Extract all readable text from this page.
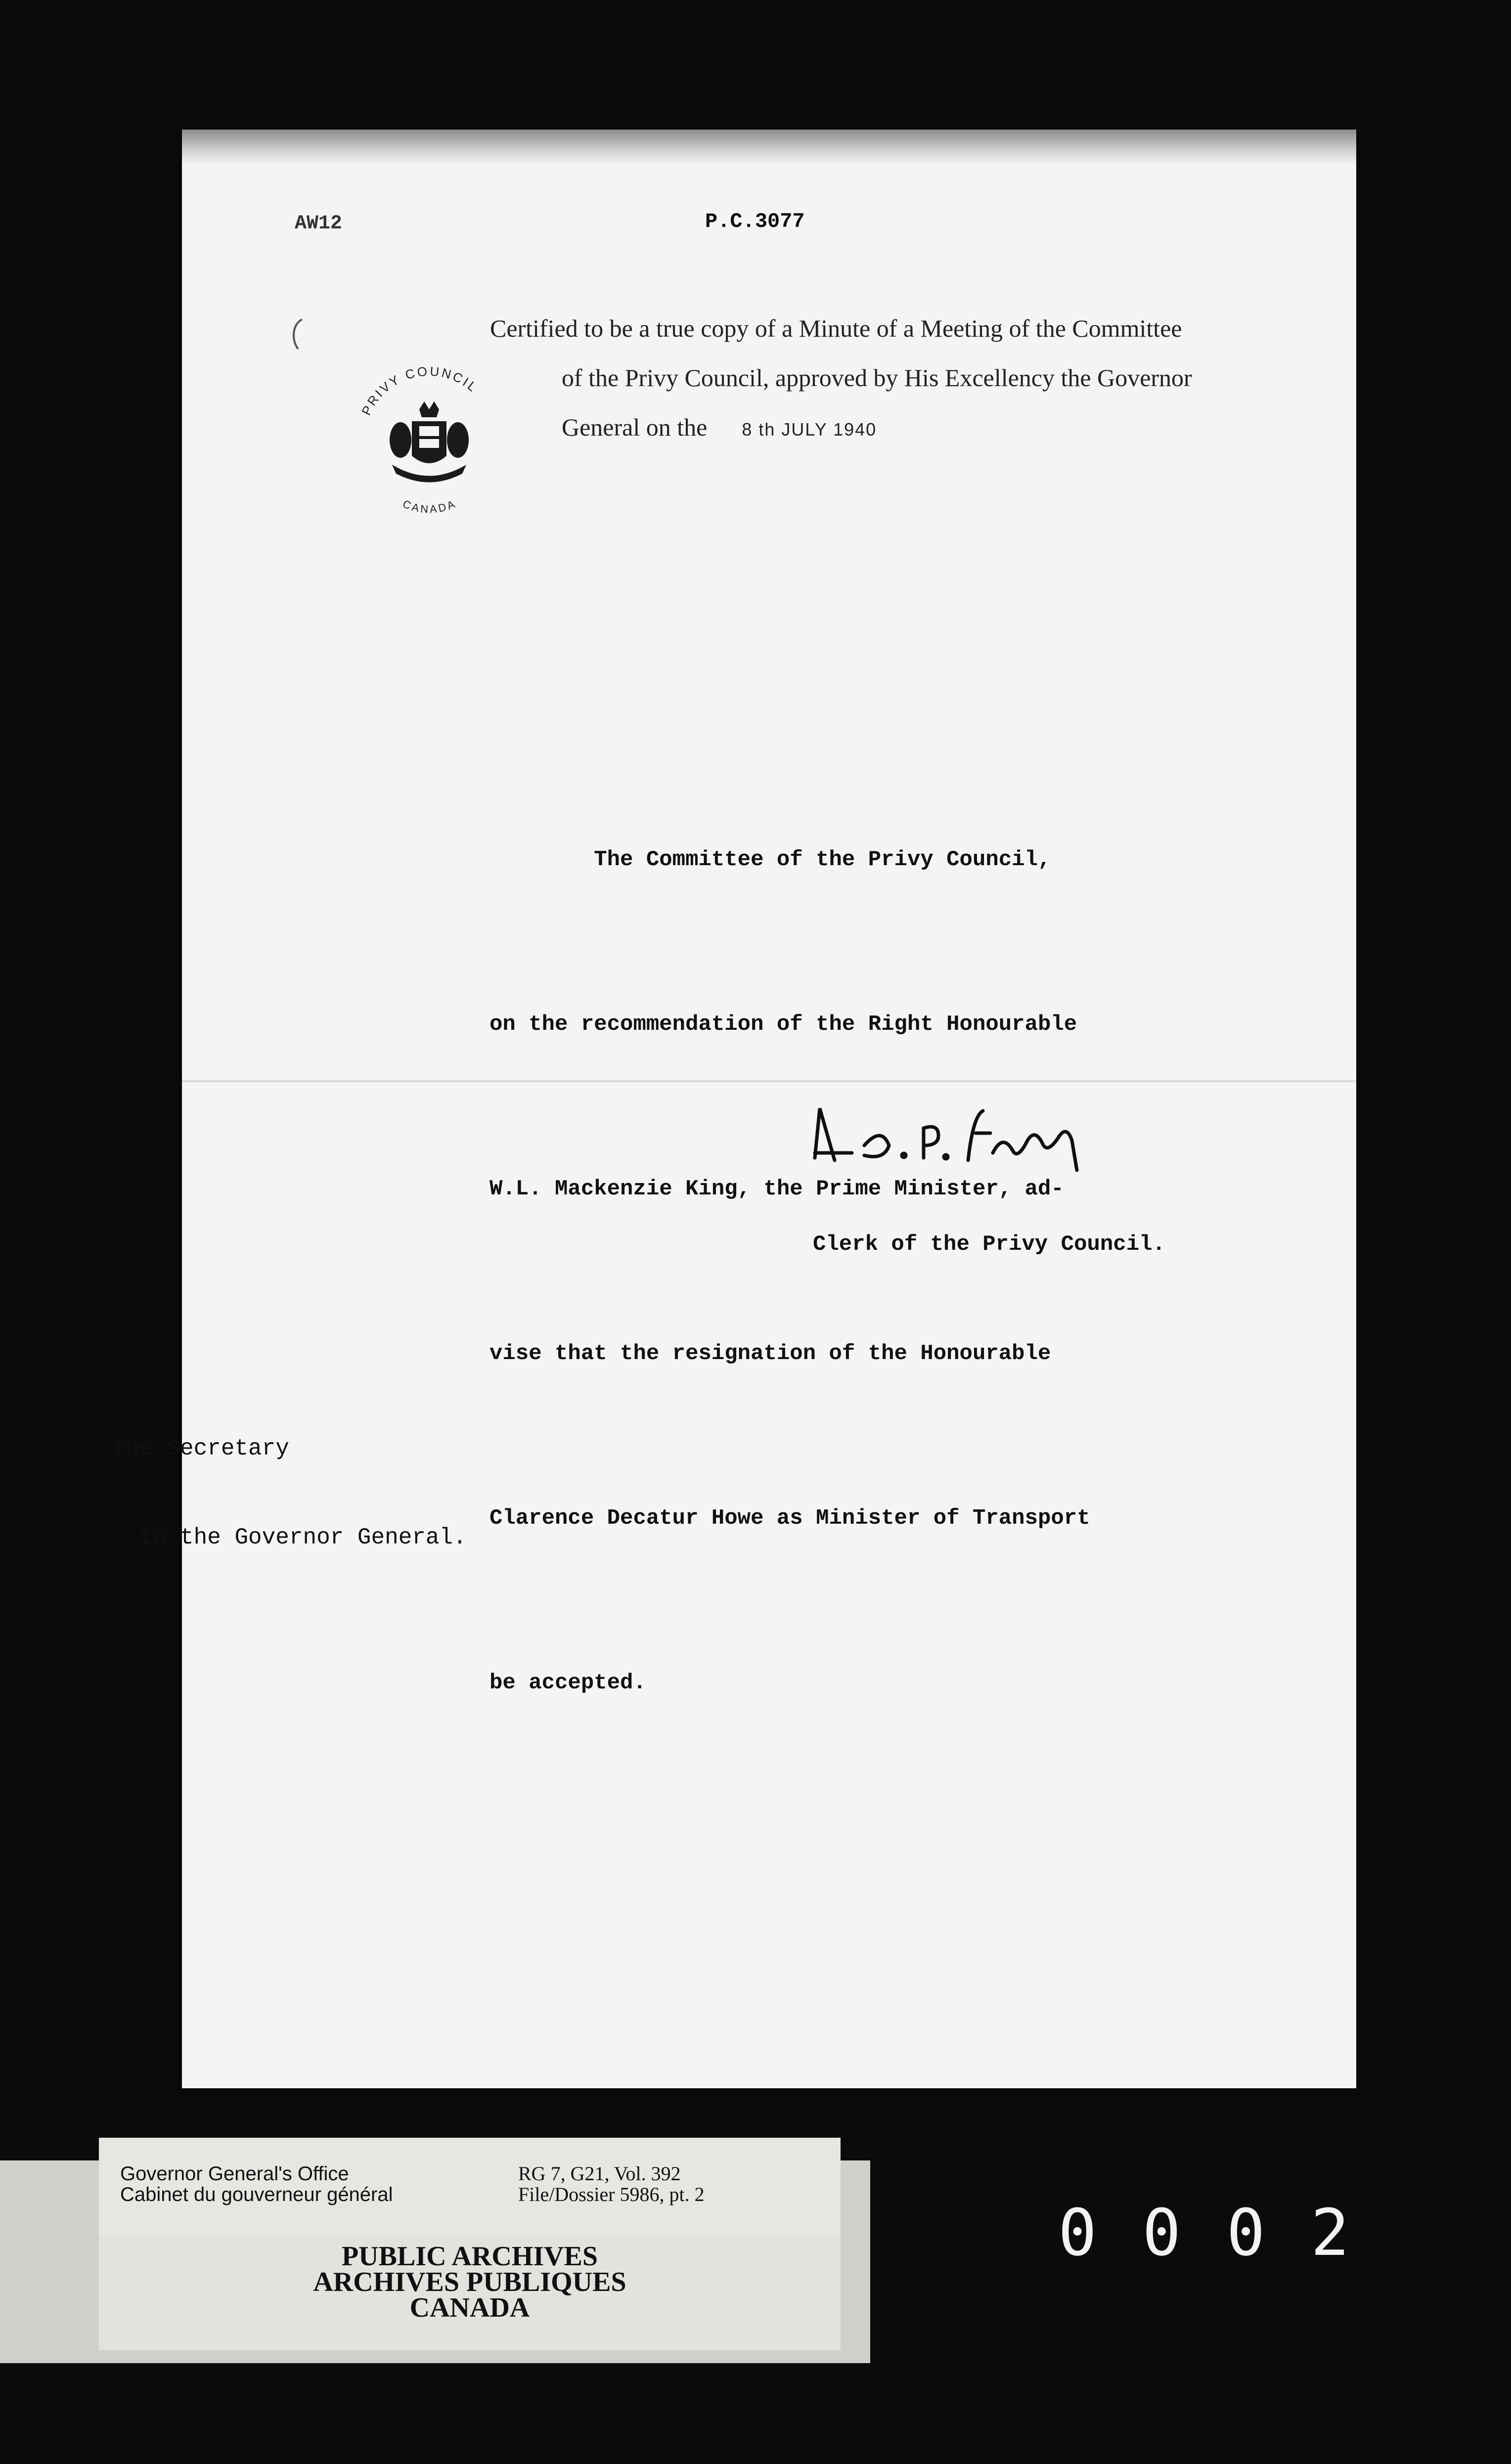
AW12	P.C.3077
Certified to be a true copy of a Minute of a Meeting of the Committee
of the Privy Council, approved by His Excellency the Governor
General on the 8 th JULY 1940
PRIVY COUNCIL
CANADA

The Committee of the Privy Council,

on the recommendation of the Right Honourable

W.L. Mackenzie King, the Prime Minister, ad-

vise that the resignation of the Honourable

Clarence Decatur Howe as Minister of Transport

be accepted.

Clerk of the Privy Council.

The Secretary

to the Governor General.

Governor General's Office
Cabinet du gouverneur général
RG 7, G21, Vol. 392
File/Dossier 5986, pt. 2
PUBLIC ARCHIVES
ARCHIVES PUBLIQUES
CANADA
0002
